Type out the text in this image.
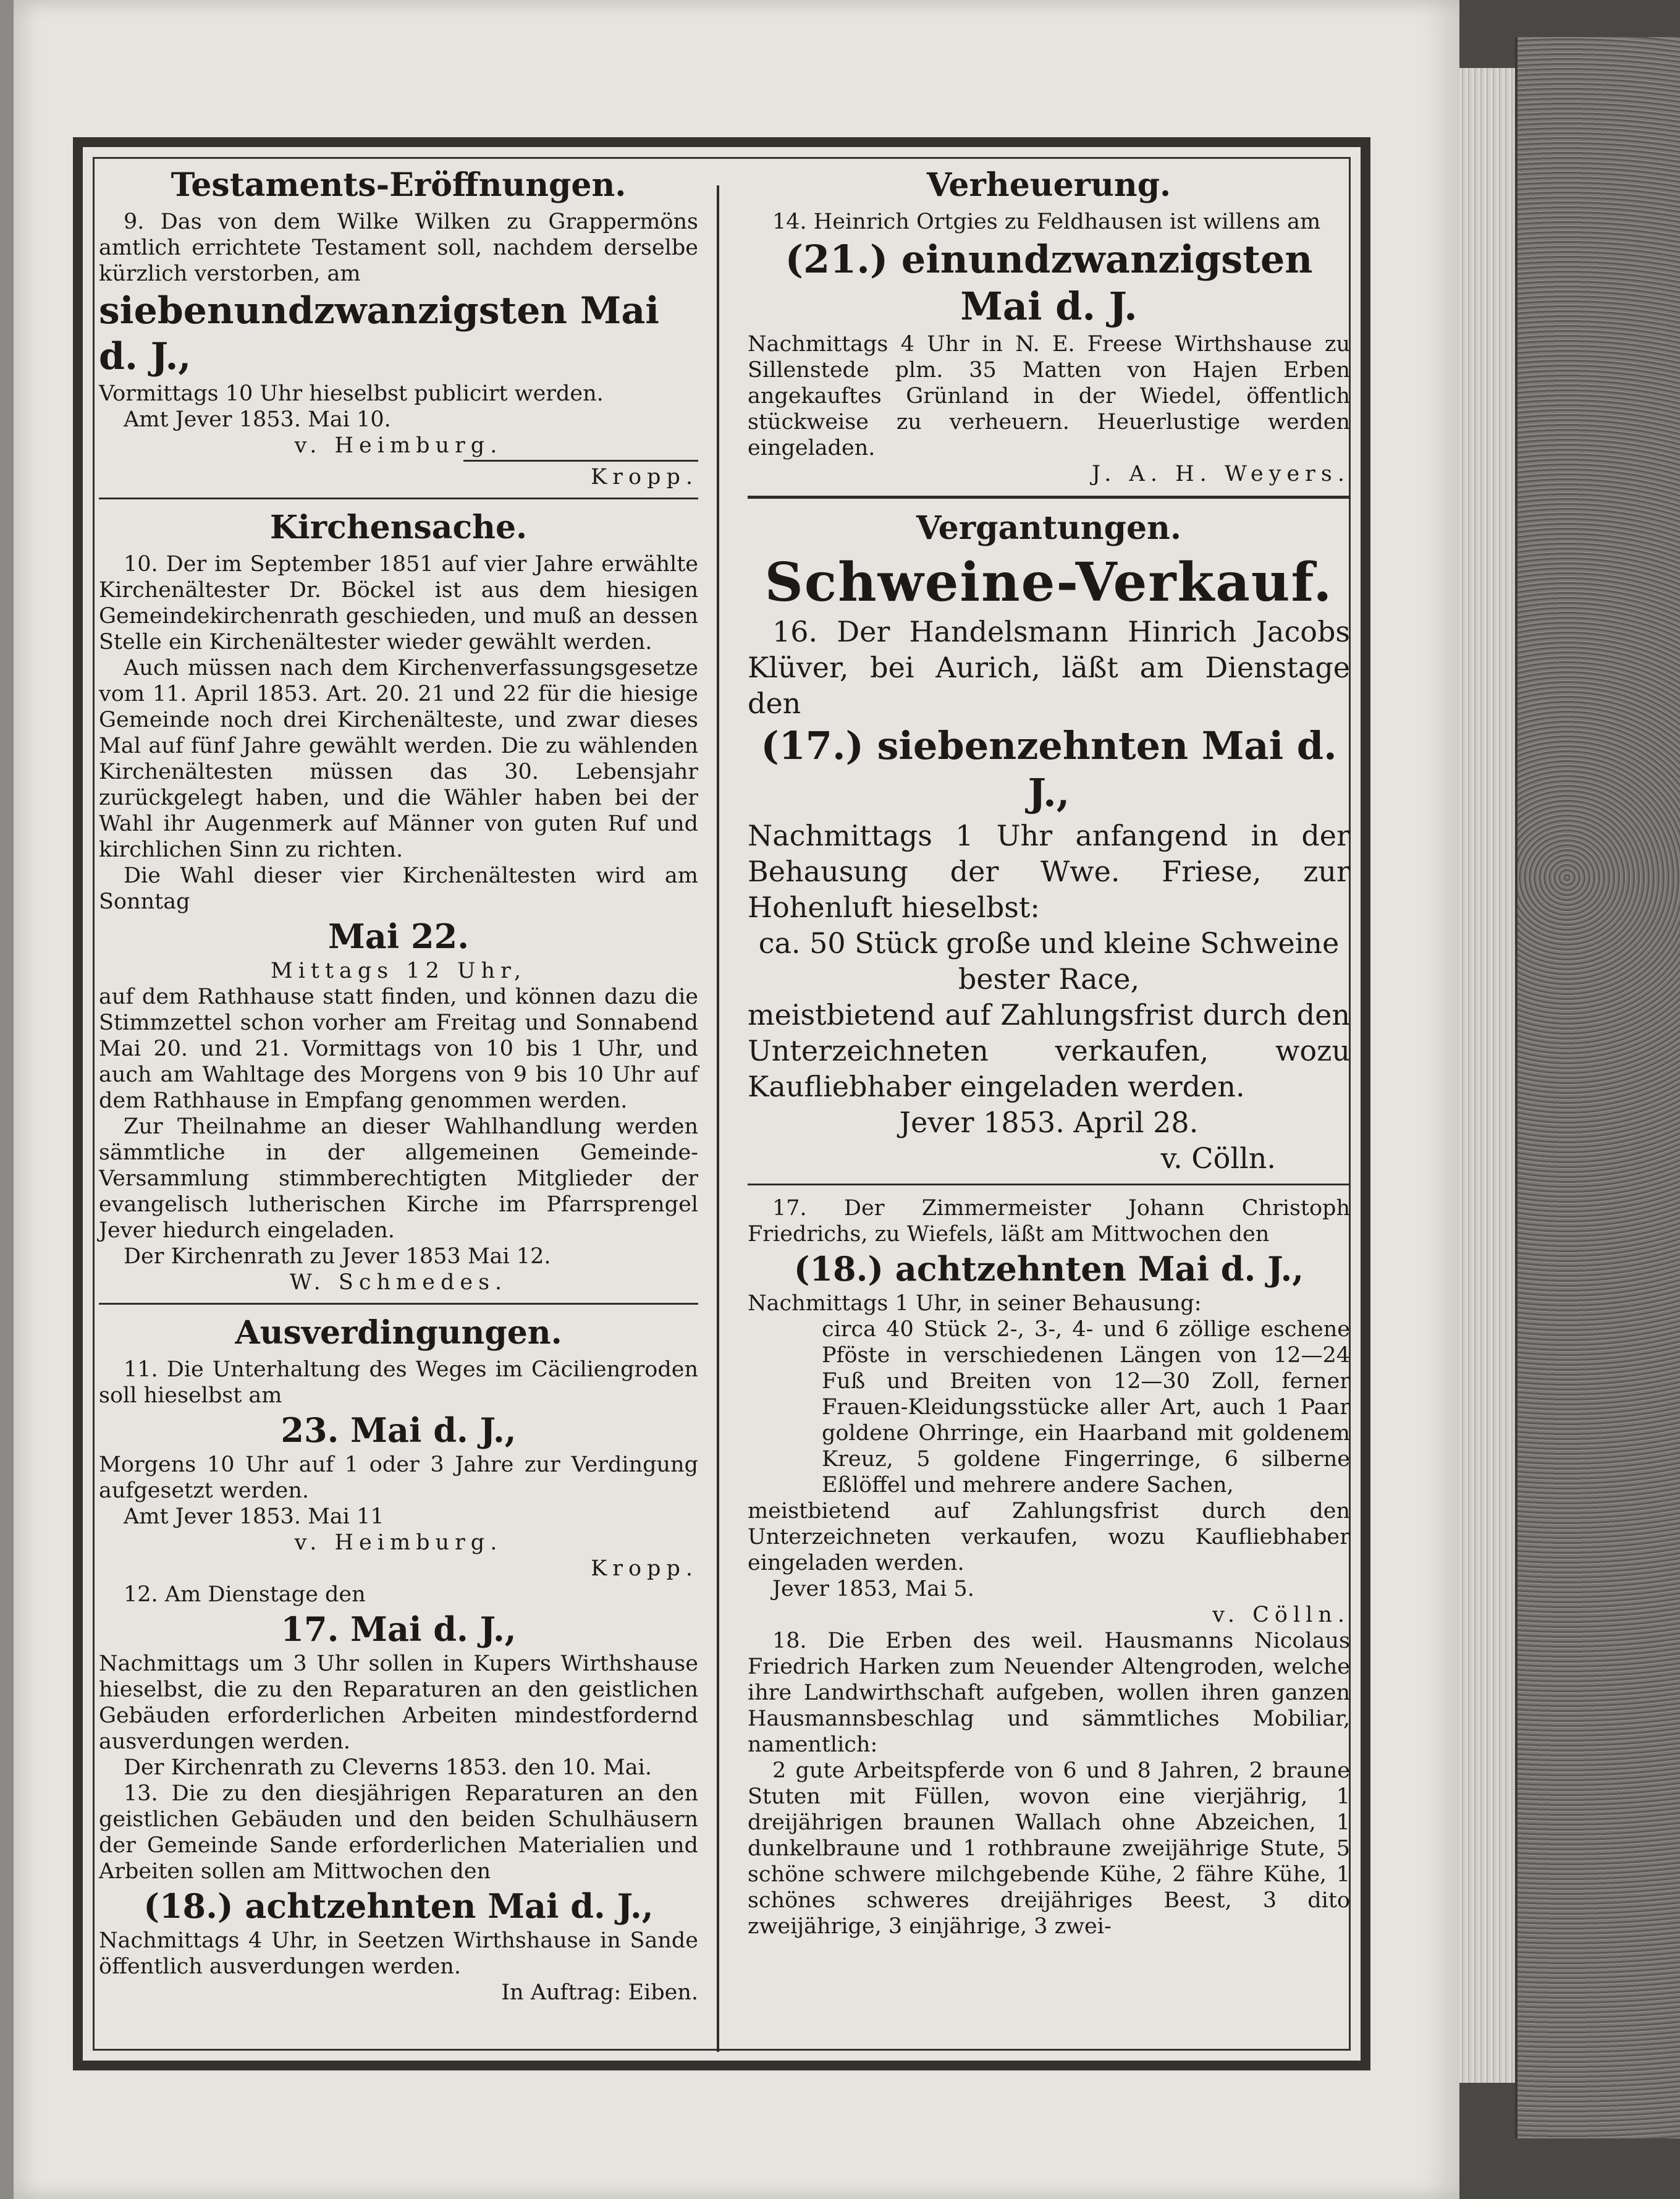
Testaments-Eröffnungen.

9. Das von dem Wilke Wilken zu Grappermöns amtlich errichtete Testament soll, nachdem derselbe kürzlich verstorben, am

siebenundzwanzigsten Mai d. J.,

Vormittags 10 Uhr hieselbst publicirt werden.

Amt Jever 1853. Mai 10.

v. Heimburg.

Kropp.

Kirchensache.

10. Der im September 1851 auf vier Jahre erwählte Kirchenältester Dr. Böckel ist aus dem hiesigen Gemeindekirchenrath geschieden, und muß an dessen Stelle ein Kirchenältester wieder gewählt werden.

Auch müssen nach dem Kirchenverfassungsgesetze vom 11. April 1853. Art. 20. 21 und 22 für die hiesige Gemeinde noch drei Kirchenälteste, und zwar dieses Mal auf fünf Jahre gewählt werden. Die zu wählenden Kirchenältesten müssen das 30. Lebensjahr zurückgelegt haben, und die Wähler haben bei der Wahl ihr Augenmerk auf Männer von guten Ruf und kirchlichen Sinn zu richten.

Die Wahl dieser vier Kirchenältesten wird am Sonntag

Mai 22.

Mittags 12 Uhr,

auf dem Rathhause statt finden, und können dazu die Stimmzettel schon vorher am Freitag und Sonnabend Mai 20. und 21. Vormittags von 10 bis 1 Uhr, und auch am Wahltage des Morgens von 9 bis 10 Uhr auf dem Rathhause in Empfang genommen werden.

Zur Theilnahme an dieser Wahlhandlung werden sämmtliche in der allgemeinen Gemeinde-Versammlung stimmberechtigten Mitglieder der evangelisch lutherischen Kirche im Pfarrsprengel Jever hiedurch eingeladen.

Der Kirchenrath zu Jever 1853 Mai 12.

W. Schmedes.

Ausverdingungen.

11. Die Unterhaltung des Weges im Cäciliengroden soll hieselbst am

23. Mai d. J.,

Morgens 10 Uhr auf 1 oder 3 Jahre zur Verdingung aufgesetzt werden.

Amt Jever 1853. Mai 11

v. Heimburg.

Kropp.

12. Am Dienstage den

17. Mai d. J.,

Nachmittags um 3 Uhr sollen in Kupers Wirthshause hieselbst, die zu den Reparaturen an den geistlichen Gebäuden erforderlichen Arbeiten mindestfordernd ausverdungen werden.

Der Kirchenrath zu Cleverns 1853. den 10. Mai.

13. Die zu den diesjährigen Reparaturen an den geistlichen Gebäuden und den beiden Schulhäusern der Gemeinde Sande erforderlichen Materialien und Arbeiten sollen am Mittwochen den

(18.) achtzehnten Mai d. J.,

Nachmittags 4 Uhr, in Seetzen Wirthshause in Sande öffentlich ausverdungen werden.

In Auftrag: Eiben.

Verheuerung.

14. Heinrich Ortgies zu Feldhausen ist willens am

(21.) einundzwanzigsten Mai d. J.

Nachmittags 4 Uhr in N. E. Freese Wirthshause zu Sillenstede plm. 35 Matten von Hajen Erben angekauftes Grünland in der Wiedel, öffentlich stückweise zu verheuern. Heuerlustige werden eingeladen.

J. A. H. Weyers.

Vergantungen.
Schweine-Verkauf.

16. Der Handelsmann Hinrich Jacobs Klüver, bei Aurich, läßt am Dienstage den

(17.) siebenzehnten Mai d. J.,

Nachmittags 1 Uhr anfangend in der Behausung der Wwe. Friese, zur Hohenluft hieselbst:

ca. 50 Stück große und kleine Schweine bester Race,

meistbietend auf Zahlungsfrist durch den Unterzeichneten verkaufen, wozu Kaufliebhaber eingeladen werden.

Jever 1853. April 28.

v. Cölln.

17. Der Zimmermeister Johann Christoph Friedrichs, zu Wiefels, läßt am Mittwochen den

(18.) achtzehnten Mai d. J.,

Nachmittags 1 Uhr, in seiner Behausung:

circa 40 Stück 2-, 3-, 4- und 6 zöllige eschene Pföste in verschiedenen Längen von 12—24 Fuß und Breiten von 12—30 Zoll, ferner Frauen-Kleidungsstücke aller Art, auch 1 Paar goldene Ohrringe, ein Haarband mit goldenem Kreuz, 5 goldene Fingerringe, 6 silberne Eßlöffel und mehrere andere Sachen,

meistbietend auf Zahlungsfrist durch den Unterzeichneten verkaufen, wozu Kaufliebhaber eingeladen werden.

Jever 1853, Mai 5.

v. Cölln.

18. Die Erben des weil. Hausmanns Nicolaus Friedrich Harken zum Neuender Altengroden, welche ihre Landwirthschaft aufgeben, wollen ihren ganzen Hausmannsbeschlag und sämmtliches Mobiliar, namentlich:

2 gute Arbeitspferde von 6 und 8 Jahren, 2 braune Stuten mit Füllen, wovon eine vierjährig, 1 dreijährigen braunen Wallach ohne Abzeichen, 1 dunkelbraune und 1 rothbraune zweijährige Stute, 5 schöne schwere milchgebende Kühe, 2 fähre Kühe, 1 schönes schweres dreijähriges Beest, 3 dito zweijährige, 3 einjährige, 3 zwei-
